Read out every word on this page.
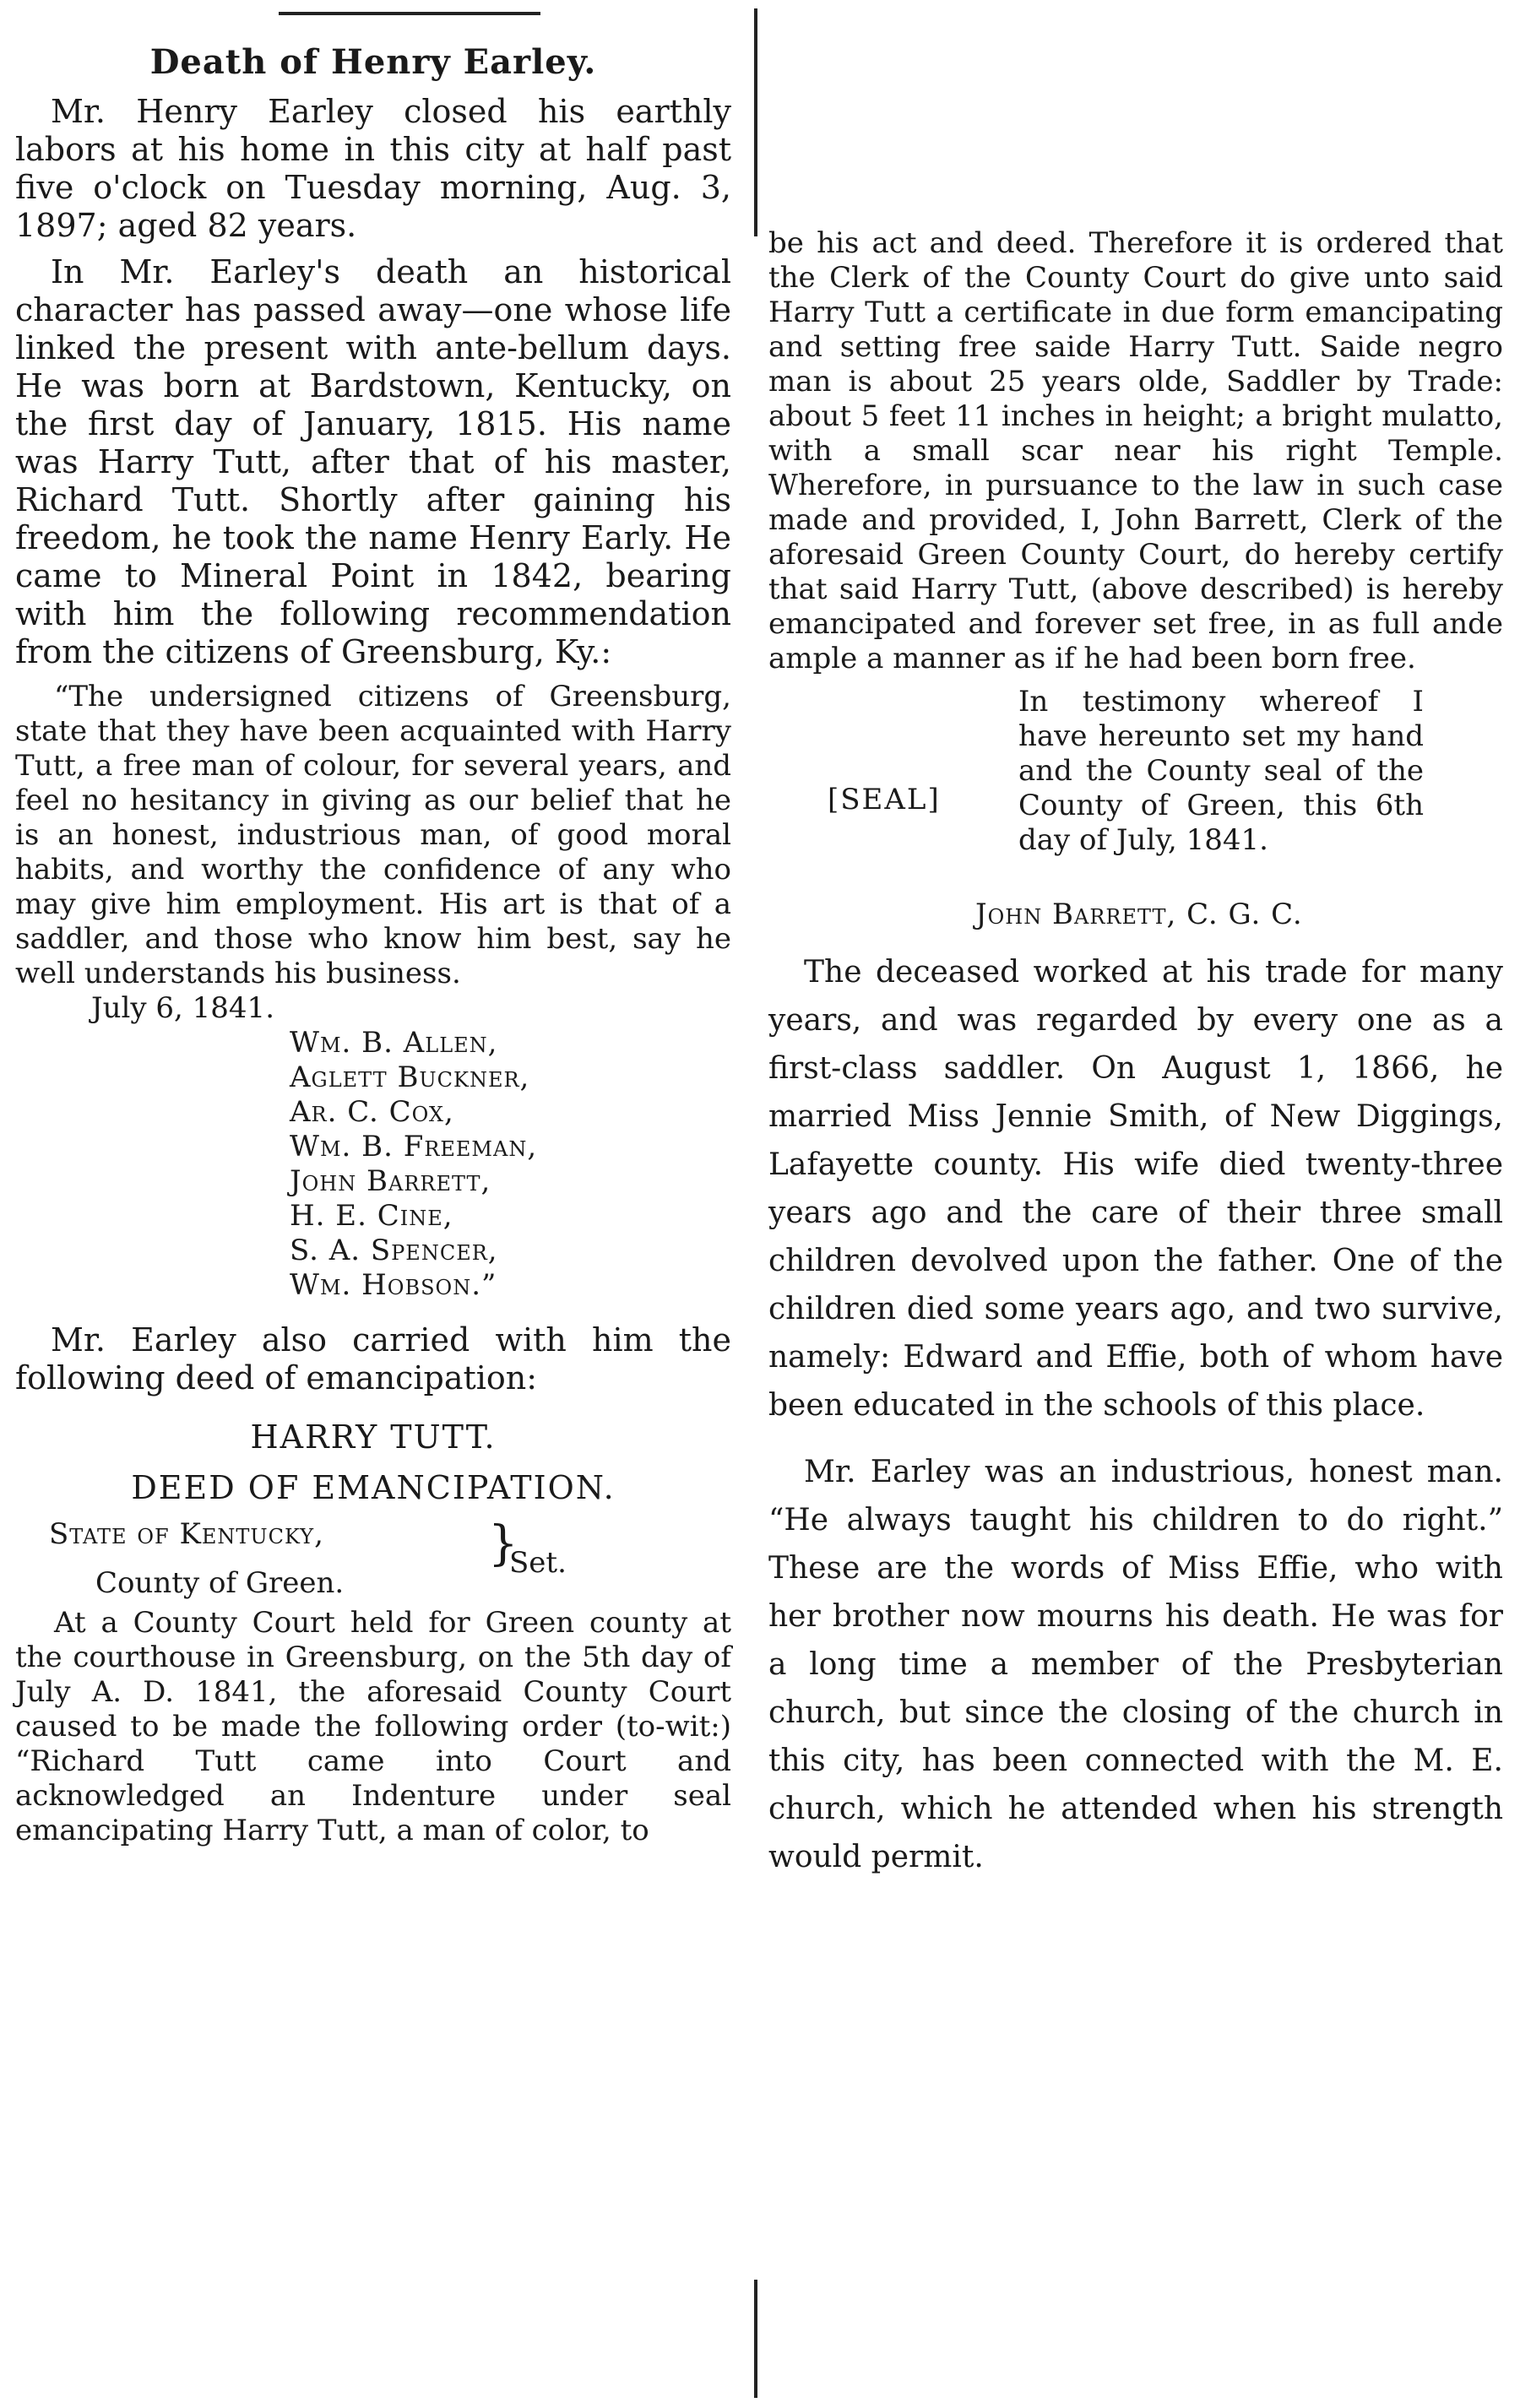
Death of Henry Earley.

Mr. Henry Earley closed his earthly labors at his home in this city at half past five o'clock on Tuesday morning, Aug. 3, 1897; aged 82 years.

In Mr. Earley's death an historical character has passed away—one whose life linked the present with ante-bellum days. He was born at Bardstown, Kentucky, on the first day of January, 1815. His name was Harry Tutt, after that of his master, Richard Tutt. Shortly after gaining his freedom, he took the name Henry Early. He came to Mineral Point in 1842, bearing with him the following recommendation from the citizens of Greensburg, Ky.:

“The undersigned citizens of Greensburg, state that they have been acquainted with Harry Tutt, a free man of colour, for several years, and feel no hesitancy in giving as our belief that he is an honest, industrious man, of good moral habits, and worthy the confidence of any who may give him employment. His art is that of a saddler, and those who know him best, say he well understands his business.

July 6, 1841.

Wm. B. Allen,
Aglett Buckner,
Ar. C. Cox,
Wm. B. Freeman,
John Barrett,
H. E. Cine,
S. A. Spencer,
Wm. Hobson.”

Mr. Earley also carried with him the following deed of emancipation:

HARRY TUTT.

DEED OF EMANCIPATION.

State of Kentucky,	}
Set.
County of Green.

At a County Court held for Green county at the courthouse in Greensburg, on the 5th day of July A. D. 1841, the aforesaid County Court caused to be made the following order (to-wit:) “Richard Tutt came into Court and acknowledged an Indenture under seal emancipating Harry Tutt, a man of color, to

be his act and deed. Therefore it is ordered that the Clerk of the County Court do give unto said Harry Tutt a certificate in due form emancipating and setting free saide Harry Tutt. Saide negro man is about 25 years olde, Saddler by Trade: about 5 feet 11 inches in height; a bright mulatto, with a small scar near his right Temple. Wherefore, in pursuance to the law in such case made and provided, I, John Barrett, Clerk of the aforesaid Green County Court, do hereby certify that said Harry Tutt, (above described) is hereby emancipated and forever set free, in as full ande ample a manner as if he had been born free.

[SEAL]
In testimony whereof I have hereunto set my hand and the County seal of the County of Green, this 6th day of July, 1841.
John Barrett, C. G. C.

The deceased worked at his trade for many years, and was regarded by every one as a first-class saddler. On August 1, 1866, he married Miss Jennie Smith, of New Diggings, Lafayette county. His wife died twenty-three years ago and the care of their three small children devolved upon the father. One of the children died some years ago, and two survive, namely: Edward and Effie, both of whom have been educated in the schools of this place.

Mr. Earley was an industrious, honest man. “He always taught his children to do right.” These are the words of Miss Effie, who with her brother now mourns his death. He was for a long time a member of the Presbyterian church, but since the closing of the church in this city, has been connected with the M. E. church, which he attended when his strength would permit.
